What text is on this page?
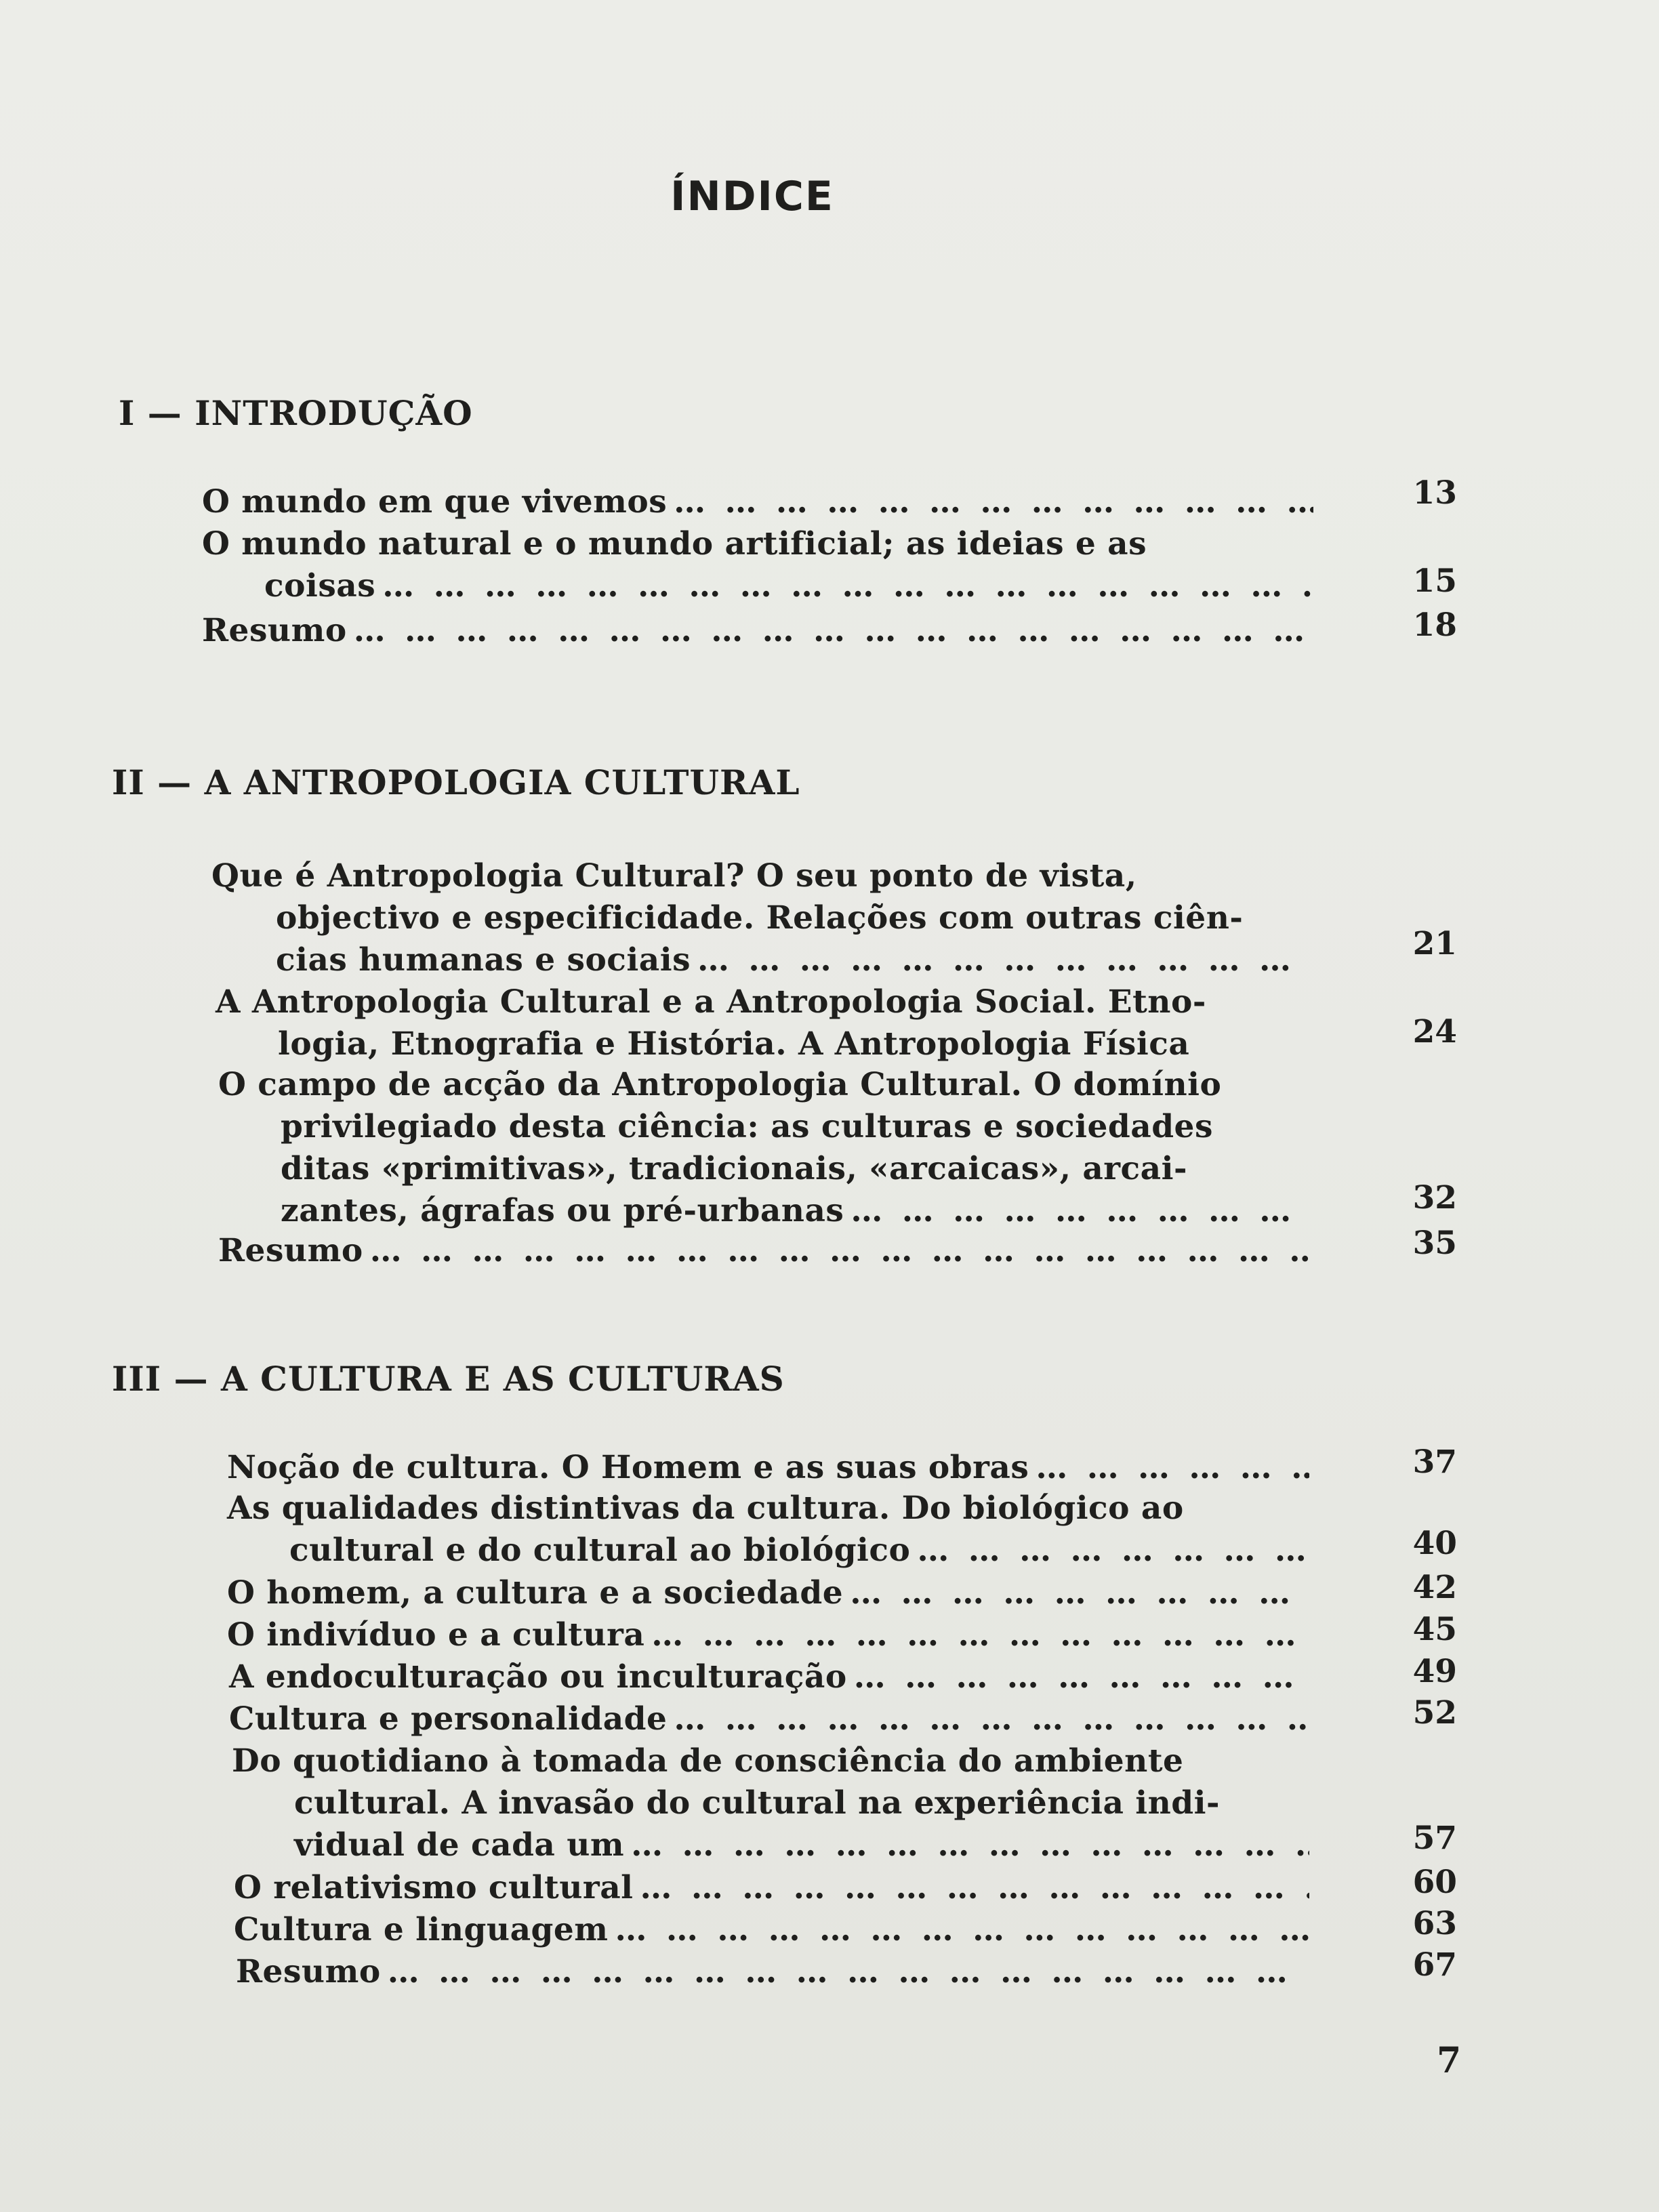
ÍNDICE
I — INTRODUÇÃO
O mundo em que vivemos … … … … … … … … … … … … … … … … … … … …	13
O mundo natural e o mundo artificial; as ideias e as
coisas … … … … … … … … … … … … … … … … … … … …	15
Resumo … … … … … … … … … … … … … … … … … … … …	18
II — A ANTROPOLOGIA CULTURAL
Que é Antropologia Cultural? O seu ponto de vista,
objectivo e especificidade. Relações com outras ciên-
cias humanas e sociais … … … … … … … … … … … … … … … … … … … …	21
A Antropologia Cultural e a Antropologia Social. Etno-
logia, Etnografia e História. A Antropologia Física	24
O campo de acção da Antropologia Cultural. O domínio
privilegiado desta ciência: as culturas e sociedades
ditas «primitivas», tradicionais, «arcaicas», arcai-
zantes, ágrafas ou pré-urbanas … … … … … … … … … … … … … … … … … … … …	32
Resumo … … … … … … … … … … … … … … … … … … … …	35
III — A CULTURA E AS CULTURAS
Noção de cultura. O Homem e as suas obras … … … … … … … … … … … … … … … … … … … …	37
As qualidades distintivas da cultura. Do biológico ao
cultural e do cultural ao biológico … … … … … … … … … … … … … … … … … … … …	40
O homem, a cultura e a sociedade … … … … … … … … … … … … … … … … … … … …	42
O indivíduo e a cultura … … … … … … … … … … … … … … … … … … … …	45
A endoculturação ou inculturação … … … … … … … … … … … … … … … … … … … …	49
Cultura e personalidade … … … … … … … … … … … … … … … … … … … …	52
Do quotidiano à tomada de consciência do ambiente
cultural. A invasão do cultural na experiência indi-
vidual de cada um … … … … … … … … … … … … … … … … … … … …	57
O relativismo cultural … … … … … … … … … … … … … … … … … … … …	60
Cultura e linguagem … … … … … … … … … … … … … … … … … … … …	63
Resumo … … … … … … … … … … … … … … … … … … … …	67
7
